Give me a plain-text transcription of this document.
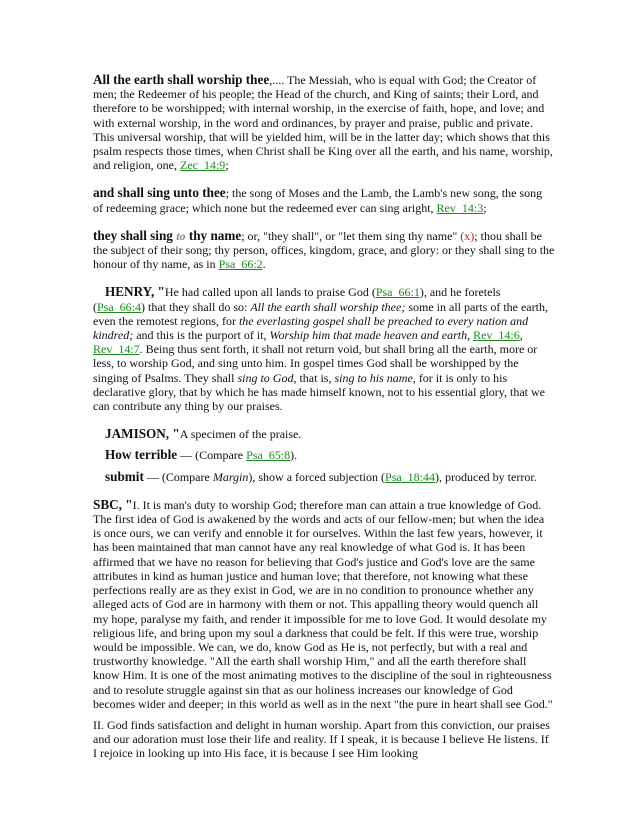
All the earth shall worship thee,.... The Messiah, who is equal with God; the Creator of men; the Redeemer of his people; the Head of the church, and King of saints; their Lord, and therefore to be worshipped; with internal worship, in the exercise of faith, hope, and love; and with external worship, in the word and ordinances, by prayer and praise, public and private. This universal worship, that will be yielded him, will be in the latter day; which shows that this psalm respects those times, when Christ shall be King over all the earth, and his name, worship, and religion, one, Zec_14:9;

and shall sing unto thee; the song of Moses and the Lamb, the Lamb's new song, the song of redeeming grace; which none but the redeemed ever can sing aright, Rev_14:3;

they shall sing to thy name; or, "they shall", or "let them sing thy name" (x); thou shall be the subject of their song; thy person, offices, kingdom, grace, and glory: or they shall sing to the honour of thy name, as in Psa_66:2.

HENRY, "He had called upon all lands to praise God (Psa_66:1), and he foretels (Psa_66:4) that they shall do so: All the earth shall worship thee; some in all parts of the earth, even the remotest regions, for the everlasting gospel shall be preached to every nation and kindred; and this is the purport of it, Worship him that made heaven and earth, Rev_14:6, Rev_14:7. Being thus sent forth, it shall not return void, but shall bring all the earth, more or less, to worship God, and sing unto him. In gospel times God shall be worshipped by the singing of Psalms. They shall sing to God, that is, sing to his name, for it is only to his declarative glory, that by which he has made himself known, not to his essential glory, that we can contribute any thing by our praises.

JAMISON, "A specimen of the praise.

How terrible — (Compare Psa_65:8).

submit — (Compare Margin), show a forced subjection (Psa_18:44), produced by terror.

SBC, "I. It is man's duty to worship God; therefore man can attain a true knowledge of God. The first idea of God is awakened by the words and acts of our fellow-men; but when the idea is once ours, we can verify and ennoble it for ourselves. Within the last few years, however, it has been maintained that man cannot have any real knowledge of what God is. It has been affirmed that we have no reason for believing that God's justice and God's love are the same attributes in kind as human justice and human love; that therefore, not knowing what these perfections really are as they exist in God, we are in no condition to pronounce whether any alleged acts of God are in harmony with them or not. This appalling theory would quench all my hope, paralyse my faith, and render it impossible for me to love God. It would desolate my religious life, and bring upon my soul a darkness that could be felt. If this were true, worship would be impossible. We can, we do, know God as He is, not perfectly, but with a real and trustworthy knowledge. "All the earth shall worship Him," and all the earth therefore shall know Him. It is one of the most animating motives to the discipline of the soul in righteousness and to resolute struggle against sin that as our holiness increases our knowledge of God becomes wider and deeper; in this world as well as in the next "the pure in heart shall see God."

II. God finds satisfaction and delight in human worship. Apart from this conviction, our praises and our adoration must lose their life and reality. If I speak, it is because I believe He listens. If I rejoice in looking up into His face, it is because I see Him looking
